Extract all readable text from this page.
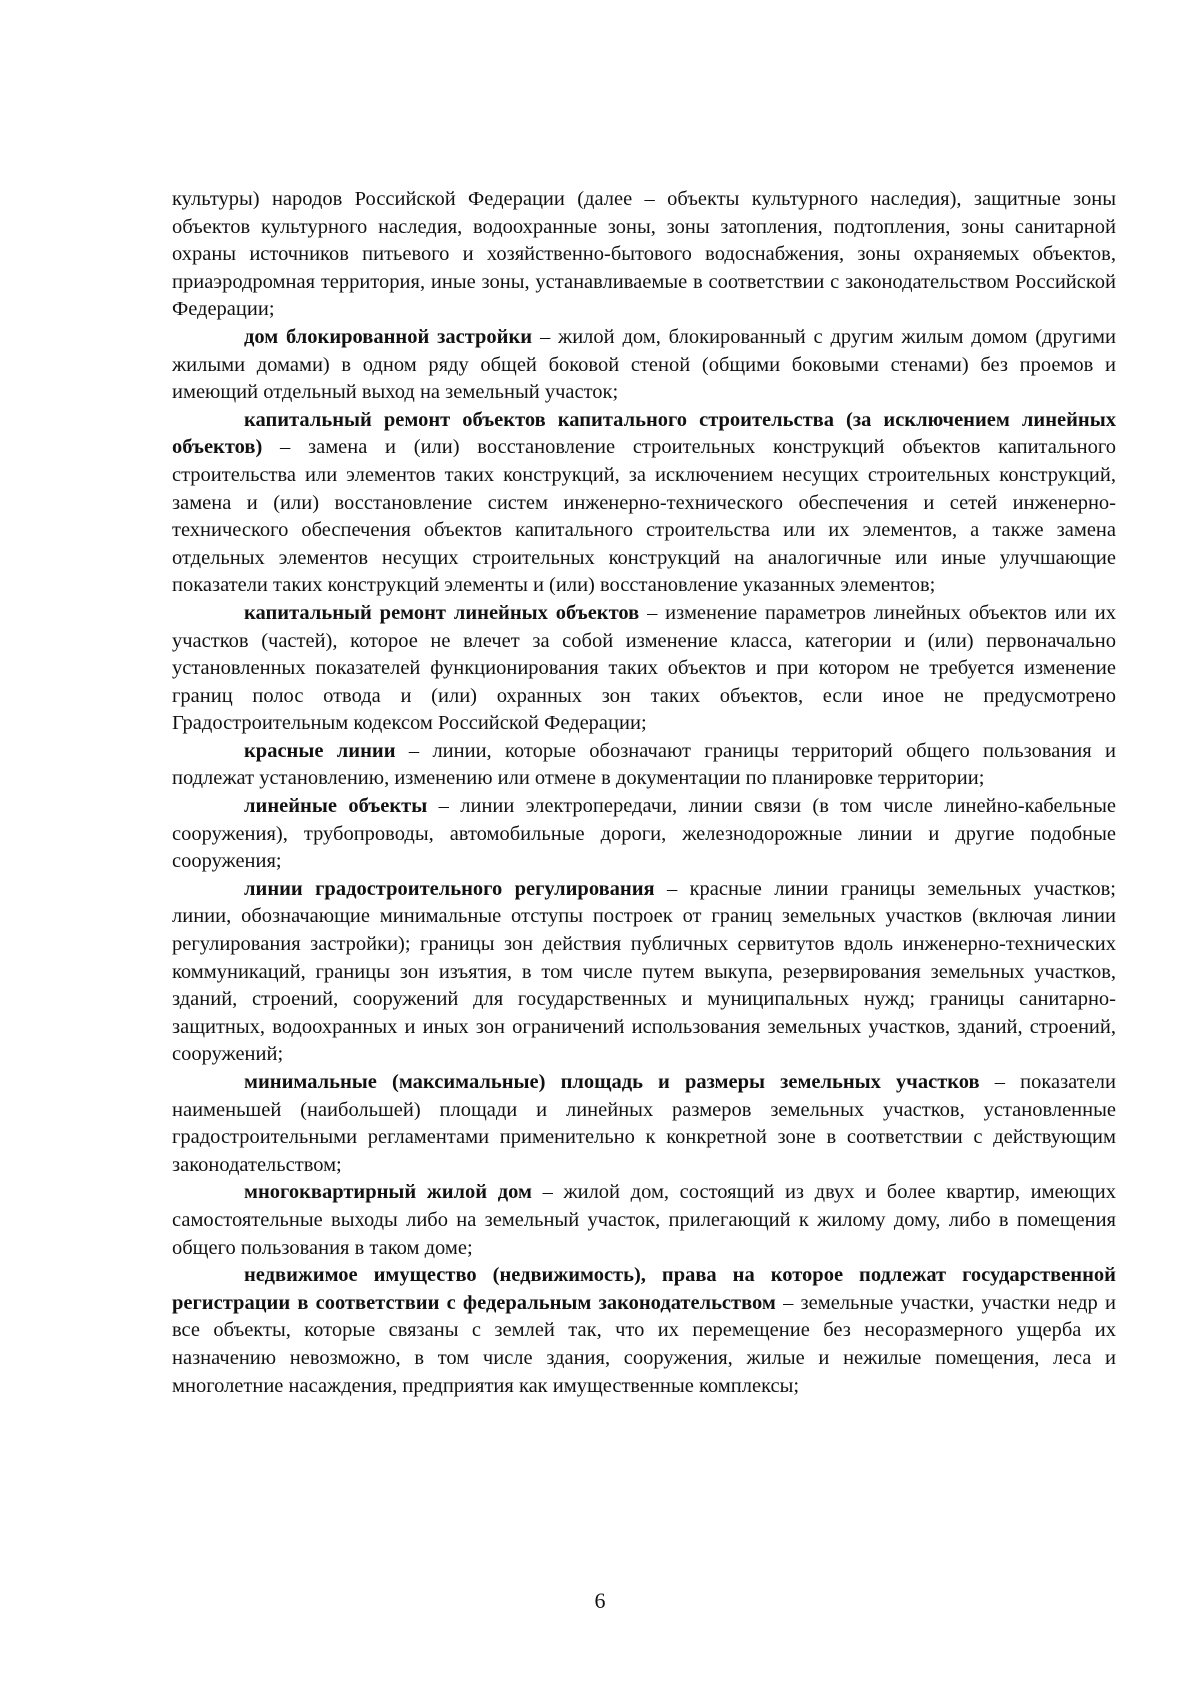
культуры) народов Российской Федерации (далее – объекты культурного наследия), защитные зоны объектов культурного наследия, водоохранные зоны, зоны затопления, подтопления, зоны санитарной охраны источников питьевого и хозяйственно-бытового водоснабжения, зоны охраняемых объектов, приаэродромная территория, иные зоны, устанавливаемые в соответствии с законодательством Российской Федерации;

дом блокированной застройки – жилой дом, блокированный с другим жилым домом (другими жилыми домами) в одном ряду общей боковой стеной (общими боковыми стенами) без проемов и имеющий отдельный выход на земельный участок;

капитальный ремонт объектов капитального строительства (за исключением линейных объектов) – замена и (или) восстановление строительных конструкций объектов капитального строительства или элементов таких конструкций, за исключением несущих строительных конструкций, замена и (или) восстановление систем инженерно-технического обеспечения и сетей инженерно-технического обеспечения объектов капитального строительства или их элементов, а также замена отдельных элементов несущих строительных конструкций на аналогичные или иные улучшающие показатели таких конструкций элементы и (или) восстановление указанных элементов;

капитальный ремонт линейных объектов – изменение параметров линейных объектов или их участков (частей), которое не влечет за собой изменение класса, категории и (или) первоначально установленных показателей функционирования таких объектов и при котором не требуется изменение границ полос отвода и (или) охранных зон таких объектов, если иное не предусмотрено Градостроительным кодексом Российской Федерации;

красные линии – линии, которые обозначают границы территорий общего пользования и подлежат установлению, изменению или отмене в документации по планировке территории;

линейные объекты – линии электропередачи, линии связи (в том числе линейно-кабельные сооружения), трубопроводы, автомобильные дороги, железнодорожные линии и другие подобные сооружения;

линии градостроительного регулирования – красные линии границы земельных участков; линии, обозначающие минимальные отступы построек от границ земельных участков (включая линии регулирования застройки); границы зон действия публичных сервитутов вдоль инженерно-технических коммуникаций, границы зон изъятия, в том числе путем выкупа, резервирования земельных участков, зданий, строений, сооружений для государственных и муниципальных нужд; границы санитарно-защитных, водоохранных и иных зон ограничений использования земельных участков, зданий, строений, сооружений;

минимальные (максимальные) площадь и размеры земельных участков – показатели наименьшей (наибольшей) площади и линейных размеров земельных участков, установленные градостроительными регламентами применительно к конкретной зоне в соответствии с действующим законодательством;

многоквартирный жилой дом – жилой дом, состоящий из двух и более квартир, имеющих самостоятельные выходы либо на земельный участок, прилегающий к жилому дому, либо в помещения общего пользования в таком доме;

недвижимое имущество (недвижимость), права на которое подлежат государственной регистрации в соответствии с федеральным законодательством – земельные участки, участки недр и все объекты, которые связаны с землей так, что их перемещение без несоразмерного ущерба их назначению невозможно, в том числе здания, сооружения, жилые и нежилые помещения, леса и многолетние насаждения, предприятия как имущественные комплексы;

6
